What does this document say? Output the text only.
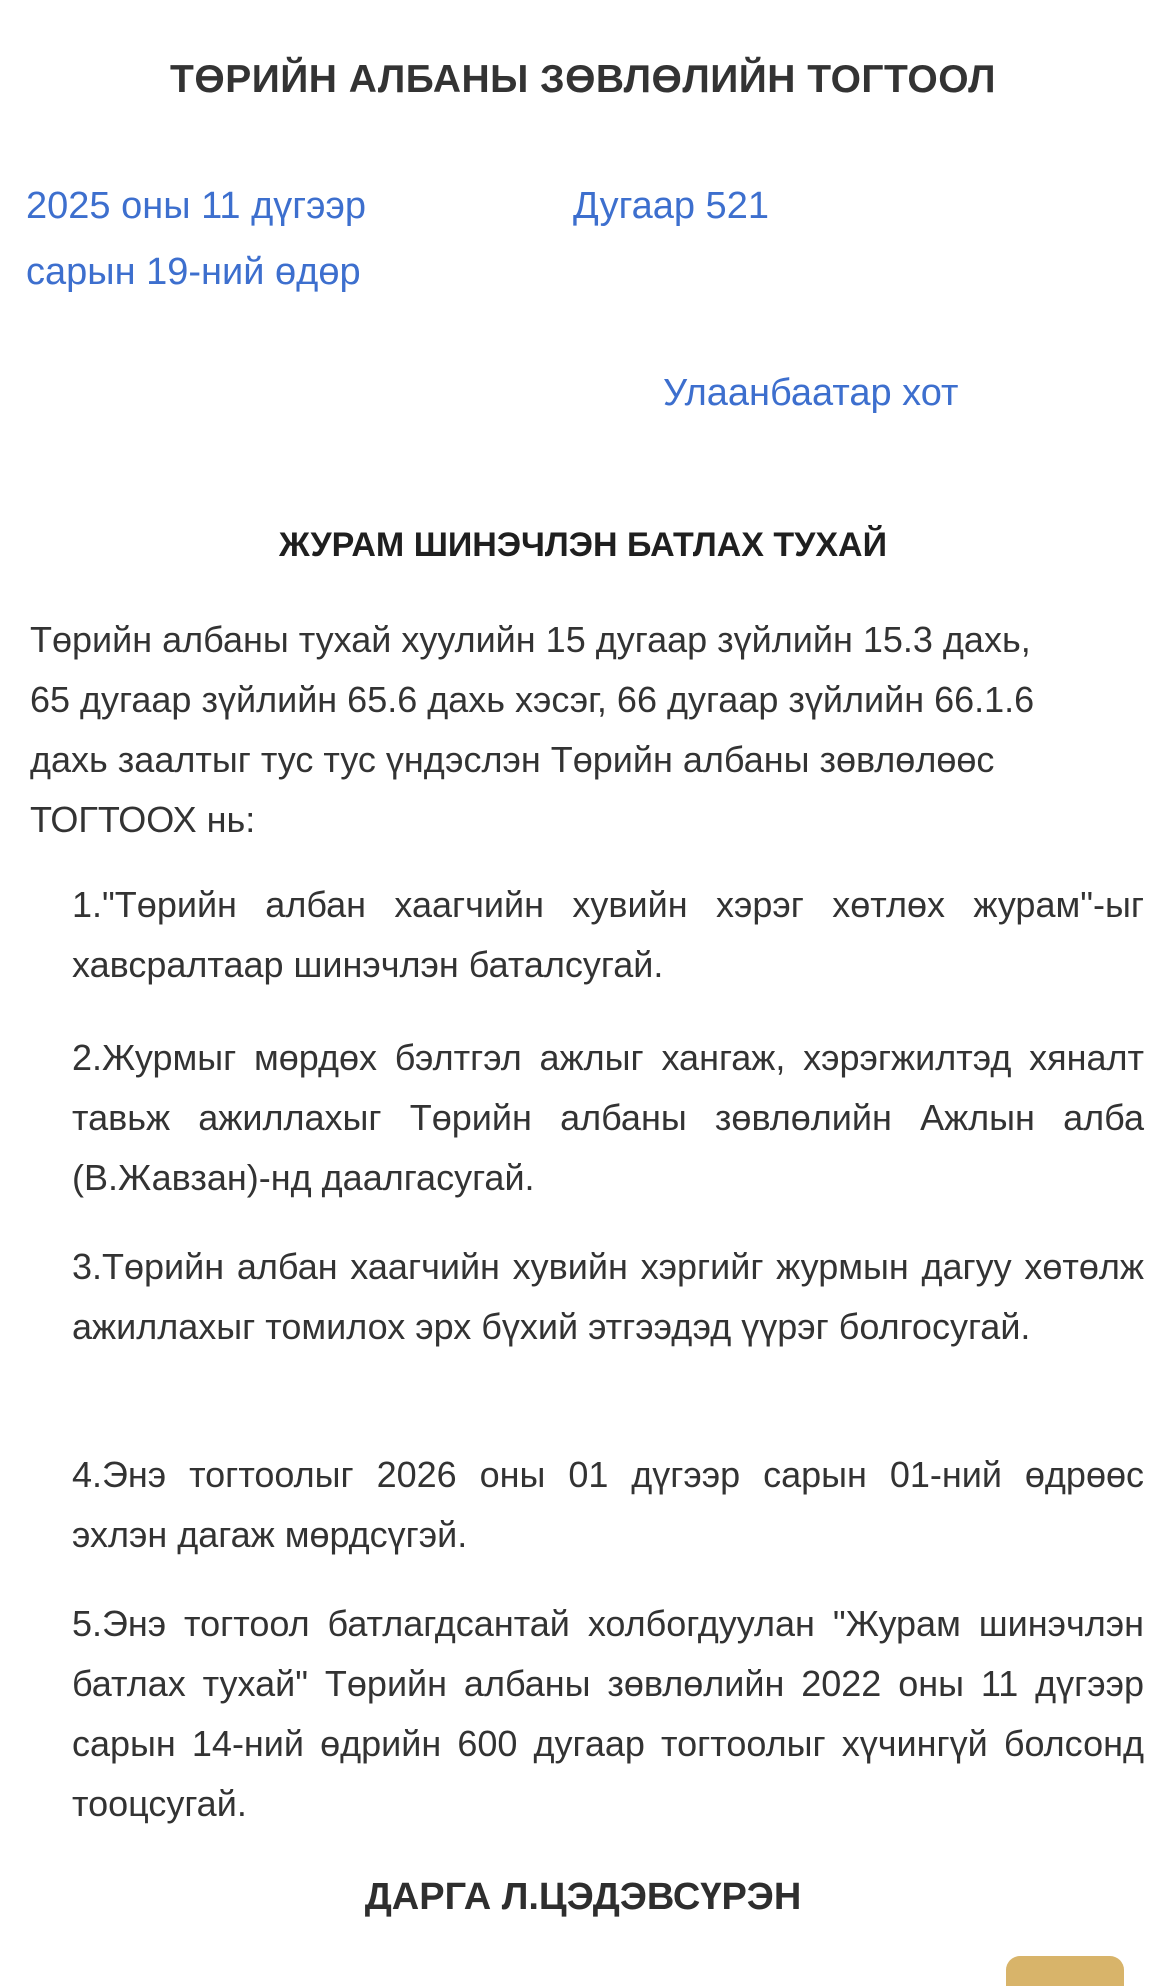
ТӨРИЙН АЛБАНЫ ЗӨВЛӨЛИЙН ТОГТООЛ
2025 оны 11 дүгээр
сарын 19-ний өдөр
Дугаар 521
Улаанбаатар хот
ЖУРАМ ШИНЭЧЛЭН БАТЛАХ ТУХАЙ
Төрийн албаны тухай хуулийн 15 дугаар зүйлийн 15.3 дахь,
65 дугаар зүйлийн 65.6 дахь хэсэг, 66 дугаар зүйлийн 66.1.6
дахь заалтыг тус тус үндэслэн Төрийн албаны зөвлөлөөс
ТОГТООХ нь:
1."Төрийн албан хаагчийн хувийн хэрэг хөтлөх журам"-ыг хавсралтаар шинэчлэн баталсугай.
2.Журмыг мөрдөх бэлтгэл ажлыг хангаж, хэрэгжилтэд хяналт тавьж ажиллахыг Төрийн албаны зөвлөлийн Ажлын алба (В.Жавзан)-нд даалгасугай.
3.Төрийн албан хаагчийн хувийн хэргийг журмын дагуу хөтөлж ажиллахыг томилох эрх бүхий этгээдэд үүрэг болгосугай.
4.Энэ тогтоолыг 2026 оны 01 дүгээр сарын 01-ний өдрөөс эхлэн дагаж мөрдсүгэй.
5.Энэ тогтоол батлагдсантай холбогдуулан "Журам шинэчлэн батлах тухай" Төрийн албаны зөвлөлийн 2022 оны 11 дүгээр сарын 14-ний өдрийн 600 дугаар тогтоолыг хүчингүй болсонд тооцсугай.
ДАРГА Л.ЦЭДЭВСҮРЭН
